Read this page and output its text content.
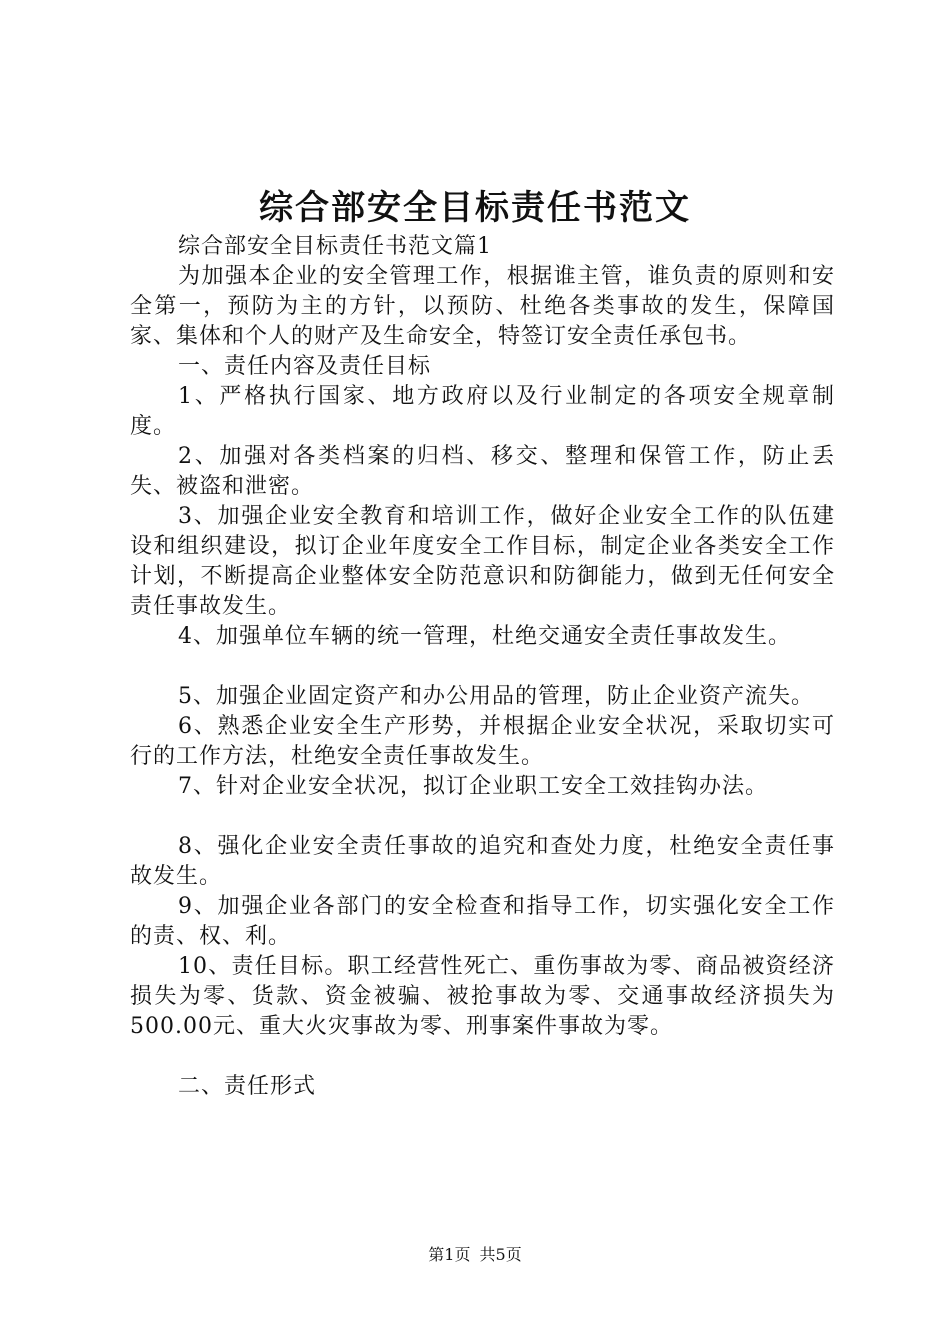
综合部安全目标责任书范文

综合部安全目标责任书范文篇1

为加强本企业的安全管理工作，根据谁主管，谁负责的原则和安全第一，预防为主的方针，以预防、杜绝各类事故的发生，保障国家、集体和个人的财产及生命安全，特签订安全责任承包书。

一、责任内容及责任目标

1、严格执行国家、地方政府以及行业制定的各项安全规章制度。

2、加强对各类档案的归档、移交、整理和保管工作，防止丢失、被盗和泄密。

3、加强企业安全教育和培训工作，做好企业安全工作的队伍建设和组织建设，拟订企业年度安全工作目标，制定企业各类安全工作计划，不断提高企业整体安全防范意识和防御能力，做到无任何安全责任事故发生。

4、加强单位车辆的统一管理，杜绝交通安全责任事故发生。

5、加强企业固定资产和办公用品的管理，防止企业资产流失。

6、熟悉企业安全生产形势，并根据企业安全状况，采取切实可行的工作方法，杜绝安全责任事故发生。

7、针对企业安全状况，拟订企业职工安全工效挂钩办法。

8、强化企业安全责任事故的追究和查处力度，杜绝安全责任事故发生。

9、加强企业各部门的安全检查和指导工作，切实强化安全工作的责、权、利。

10、责任目标。职工经营性死亡、重伤事故为零、商品被资经济损失为零、货款、资金被骗、被抢事故为零、交通事故经济损失为500.00元、重大火灾事故为零、刑事案件事故为零。

二、责任形式

第1页 共5页
